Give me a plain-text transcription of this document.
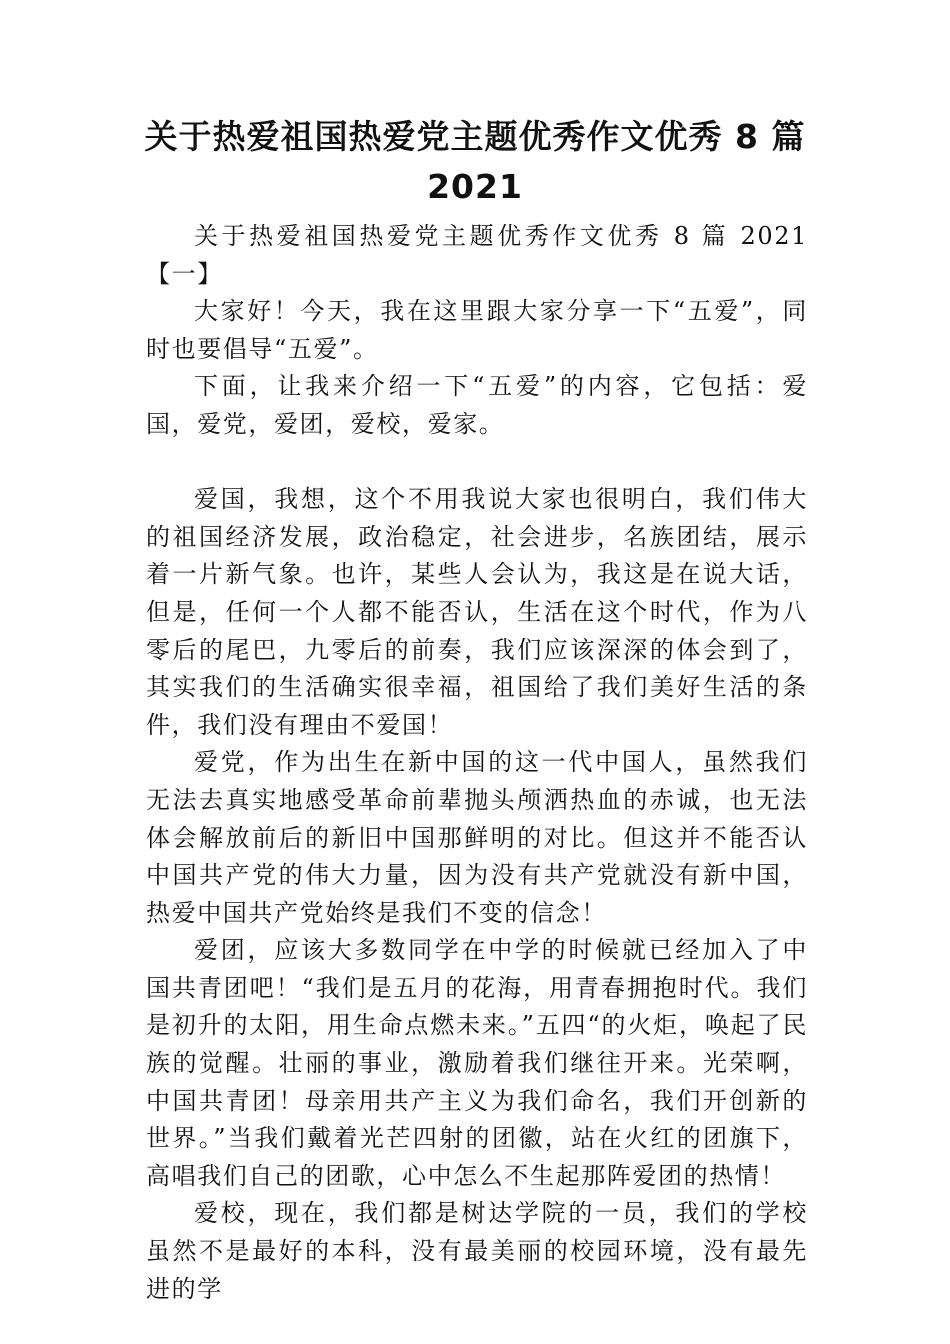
关于热爱祖国热爱党主题优秀作文优秀 8 篇 2021

关于热爱祖国热爱党主题优秀作文优秀 8 篇 2021【一】

大家好！今天，我在这里跟大家分享一下“五爱”，同时也要倡导“五爱”。

下面，让我来介绍一下“五爱”的内容，它包括：爱国，爱党，爱团，爱校，爱家。

爱国，我想，这个不用我说大家也很明白，我们伟大的祖国经济发展，政治稳定，社会进步，名族团结，展示着一片新气象。也许，某些人会认为，我这是在说大话，但是，任何一个人都不能否认，生活在这个时代，作为八零后的尾巴，九零后的前奏，我们应该深深的体会到了，其实我们的生活确实很幸福，祖国给了我们美好生活的条件，我们没有理由不爱国！

爱党，作为出生在新中国的这一代中国人，虽然我们无法去真实地感受革命前辈抛头颅洒热血的赤诚，也无法体会解放前后的新旧中国那鲜明的对比。但这并不能否认中国共产党的伟大力量，因为没有共产党就没有新中国，热爱中国共产党始终是我们不变的信念！

爱团，应该大多数同学在中学的时候就已经加入了中国共青团吧！“我们是五月的花海，用青春拥抱时代。我们是初升的太阳，用生命点燃未来。”五四“的火炬，唤起了民族的觉醒。壮丽的事业，激励着我们继往开来。光荣啊，中国共青团！母亲用共产主义为我们命名，我们开创新的世界。”当我们戴着光芒四射的团徽，站在火红的团旗下，高唱我们自己的团歌，心中怎么不生起那阵爱团的热情！

爱校，现在，我们都是树达学院的一员，我们的学校虽然不是最好的本科，没有最美丽的校园环境，没有最先进的学
